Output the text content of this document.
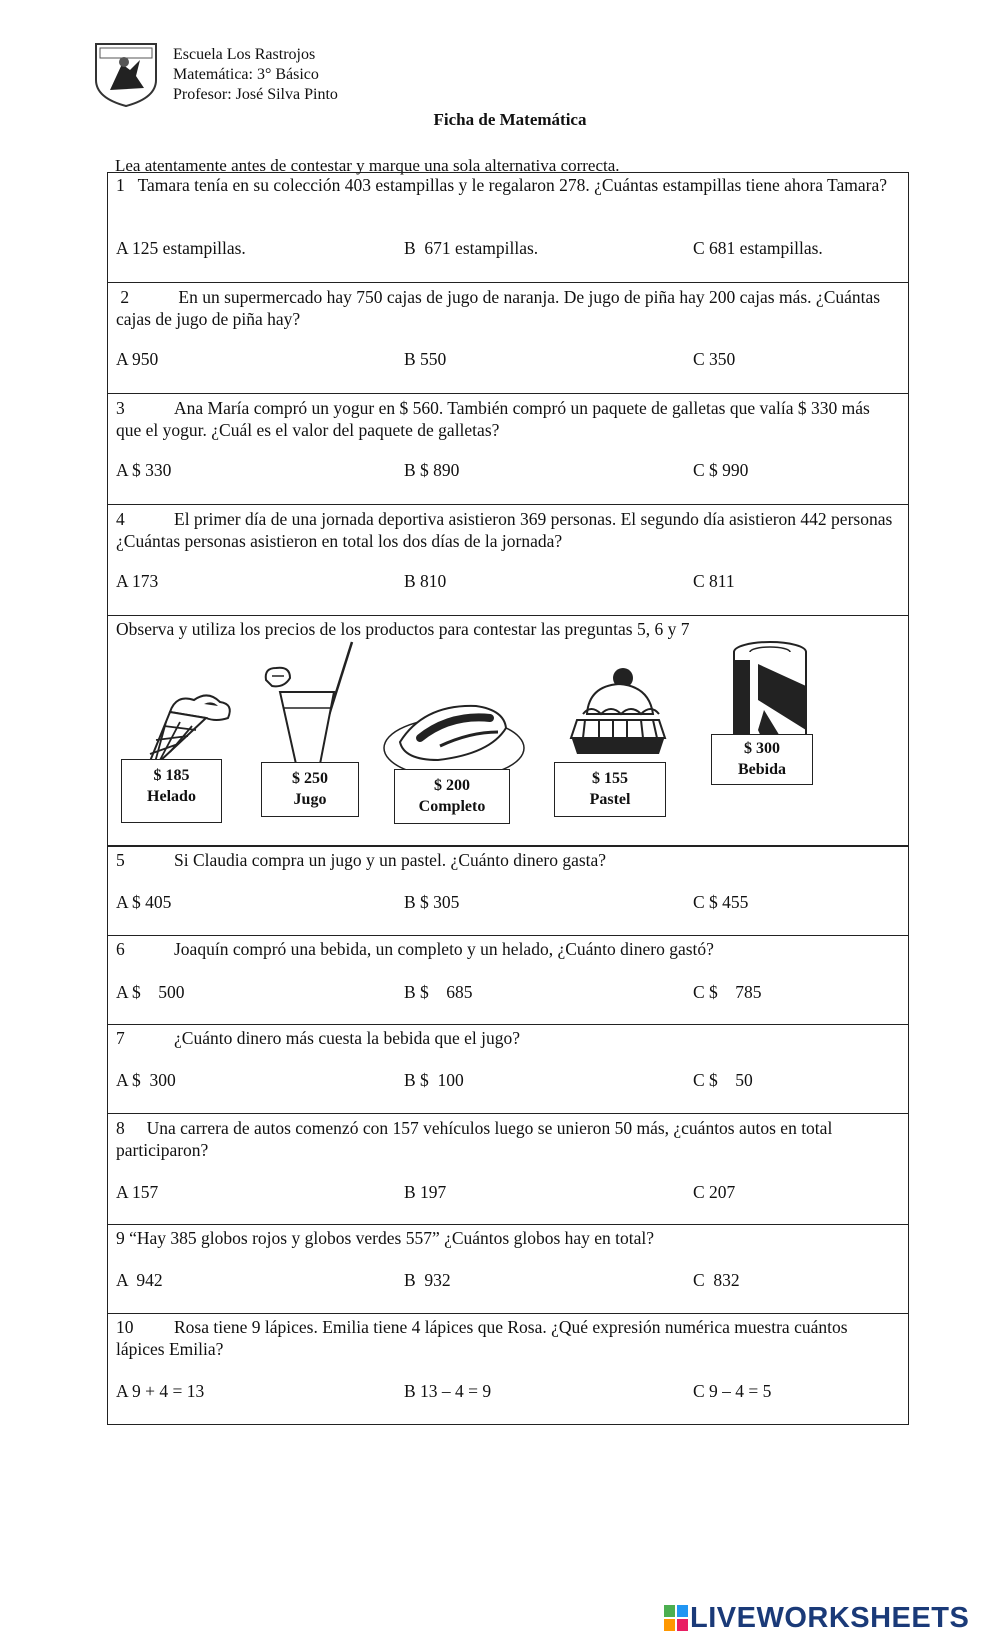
Escuela Los Rastrojos
Matemática: 3° Básico
Profesor: José Silva Pinto
Ficha de Matemática
Lea atentamente antes de contestar y marque una sola alternativa correcta.
1 Tamara tenía en su colección 403 estampillas y le regalaron 278. ¿Cuántas estampillas tiene ahora Tamara?
A 125 estampillas.	B  671 estampillas.	C 681 estampillas.
2	En un supermercado hay 750 cajas de jugo de naranja. De jugo de piña hay 200 cajas más. ¿Cuántas cajas de jugo de piña hay?
A 950	B 550	C 350
3	Ana María compró un yogur en $ 560. También compró un paquete de galletas que valía $ 330 más que el yogur. ¿Cuál es el valor del paquete de galletas?
A $ 330	B $ 890	C $ 990
4	El primer día de una jornada deportiva asistieron 369 personas. El segundo día asistieron 442 personas ¿Cuántas personas asistieron en total los dos días de la jornada?
A 173	B 810	C 811
Observa y utiliza los precios de los productos para contestar las preguntas 5, 6 y 7
$ 185
Helado
$ 250
Jugo
$ 200
Completo
$ 155
Pastel
$ 300
Bebida
5	Si Claudia compra un jugo y un pastel. ¿Cuánto dinero gasta?
A $ 405	B $ 305	C $ 455
6	Joaquín compró una bebida, un completo y un helado, ¿Cuánto dinero gastó?
A $    500	B $    685	C $    785
7	¿Cuánto dinero más cuesta la bebida que el jugo?
A $  300	B $  100	C $    50
8 Una carrera de autos comenzó con 157 vehículos luego se unieron 50 más, ¿cuántos autos en total participaron?
A 157	B 197	C 207
9 “Hay 385 globos rojos y globos verdes 557” ¿Cuántos globos hay en total?
A  942	B  932	C  832
10 Rosa tiene 9 lápices. Emilia tiene 4 lápices que Rosa. ¿Qué expresión numérica muestra cuántos lápices Emilia?
A 9 + 4 = 13	B 13 – 4 = 9	C 9 – 4 = 5
LIVEWORKSHEETS
